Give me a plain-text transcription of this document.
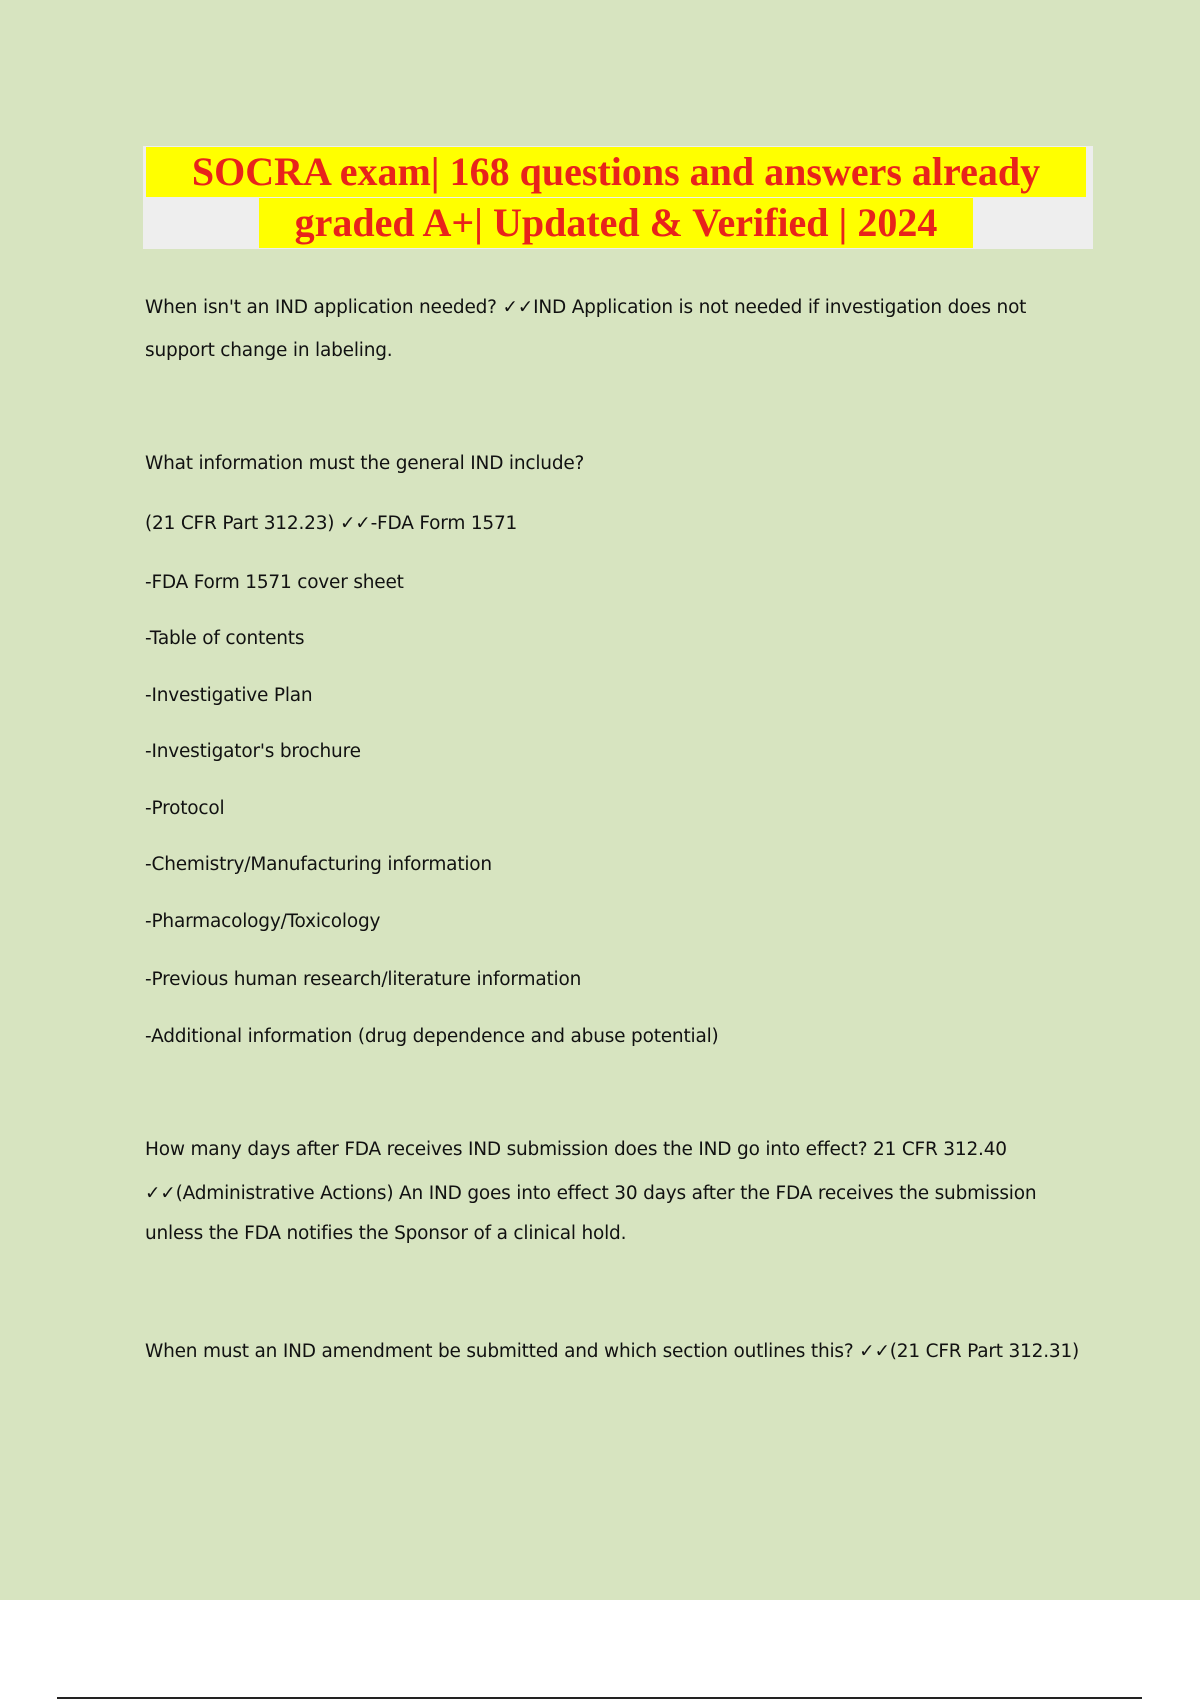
SOCRA exam| 168 questions and answers already
graded A+| Updated & Verified | 2024
When isn't an IND application needed? ✓✓IND Application is not needed if investigation does not
support change in labeling.
What information must the general IND include?
(21 CFR Part 312.23) ✓✓-FDA Form 1571
-FDA Form 1571 cover sheet
-Table of contents
-Investigative Plan
-Investigator's brochure
-Protocol
-Chemistry/Manufacturing information
-Pharmacology/Toxicology
-Previous human research/literature information
-Additional information (drug dependence and abuse potential)
How many days after FDA receives IND submission does the IND go into effect? 21 CFR 312.40
✓✓(Administrative Actions) An IND goes into effect 30 days after the FDA receives the submission
unless the FDA notifies the Sponsor of a clinical hold.
When must an IND amendment be submitted and which section outlines this? ✓✓(21 CFR Part 312.31)
